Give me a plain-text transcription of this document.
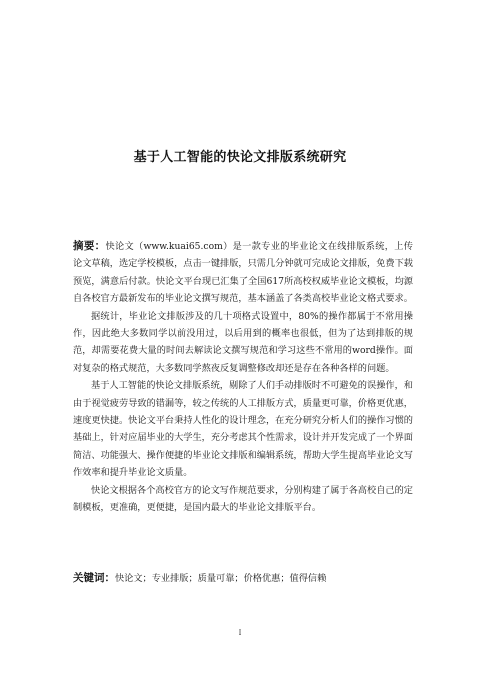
基于人工智能的快论文排版系统研究

摘要：快论文（www.kuai65.com）是一款专业的毕业论文在线排版系统，上传论文草稿，选定学校模板，点击一键排版，只需几分钟就可完成论文排版，免费下载预览，满意后付款。快论文平台现已汇集了全国617所高校权威毕业论文模板，均源自各校官方最新发布的毕业论文撰写规范，基本涵盖了各类高校毕业论文格式要求。

据统计，毕业论文排版涉及的几十项格式设置中，80%的操作都属于不常用操作，因此绝大多数同学以前没用过，以后用到的概率也很低，但为了达到排版的规范，却需要花费大量的时间去解读论文撰写规范和学习这些不常用的word操作。面对复杂的格式规范，大多数同学熬夜反复调整修改却还是存在各种各样的问题。

基于人工智能的快论文排版系统，剔除了人们手动排版时不可避免的误操作，和由于视觉疲劳导致的错漏等，较之传统的人工排版方式，质量更可靠，价格更优惠，速度更快捷。快论文平台秉持人性化的设计理念，在充分研究分析人们的操作习惯的基础上，针对应届毕业的大学生，充分考虑其个性需求，设计并开发完成了一个界面简洁、功能强大、操作便捷的毕业论文排版和编辑系统，帮助大学生提高毕业论文写作效率和提升毕业论文质量。

快论文根据各个高校官方的论文写作规范要求，分别构建了属于各高校自己的定制模板，更准确，更便捷，是国内最大的毕业论文排版平台。

关键词：快论文；专业排版；质量可靠；价格优惠；值得信赖
I
